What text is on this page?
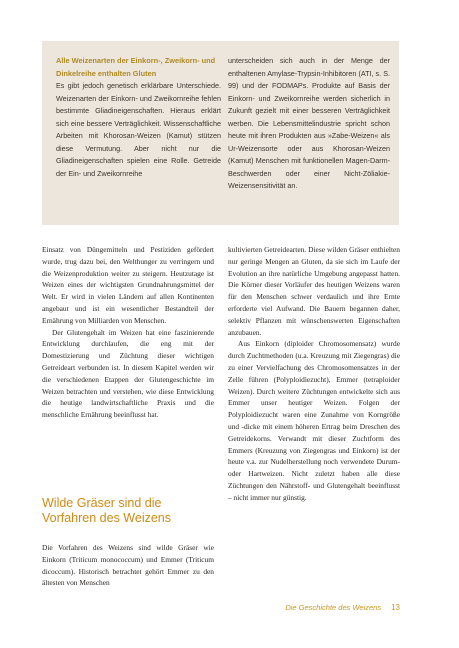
Alle Weizenarten der Einkorn-, Zweikorn- und Dinkelreihe enthalten Gluten

Es gibt jedoch genetisch erklärbare Unterschiede. Weizenarten der Einkorn- und Zweikornreihe fehlen bestimmte Gliadineigenschaften. Hieraus erklärt sich eine bessere Verträglichkeit. Wissenschaftliche Arbeiten mit Khorosan-Weizen (Kamut) stützen diese Vermutung. Aber nicht nur die Gliadineigenschaften spielen eine Rolle. Getreide der Ein- und Zweikornreihe

unterscheiden sich auch in der Menge der enthaltenen Amylase-Trypsin-Inhibitoren (ATI, s. S. 99) und der FODMAPs. Produkte auf Basis der Einkorn- und Zweikornreihe werden sicherlich in Zukunft gezielt mit einer besseren Verträglichkeit werben. Die Lebensmittelindustrie spricht schon heute mit ihren Produkten aus »Zabe-Weizen« als Ur-Weizensorte oder aus Khorosan-Weizen (Kamut) Menschen mit funktionellen Magen-Darm-Beschwerden oder einer Nicht-Zöliakie-Weizensensitivität an.

Einsatz von Düngemitteln und Pestiziden gefördert wurde, trug dazu bei, den Welthunger zu verringern und die Weizenproduktion weiter zu steigern. Heutzutage ist Weizen eines der wichtigsten Grundnahrungsmittel der Welt. Er wird in vielen Ländern auf allen Kontinenten angebaut und ist ein wesentlicher Bestandteil der Ernährung von Milliarden von Menschen.

Der Glutengehalt im Weizen hat eine faszinierende Entwicklung durchlaufen, die eng mit der Domestizierung und Züchtung dieser wichtigen Getreideart verbunden ist. In diesem Kapitel werden wir die verschiedenen Etappen der Glutengeschichte im Weizen betrachten und verstehen, wie diese Entwicklung die heutige landwirtschaftliche Praxis und die menschliche Ernährung beeinflusst hat.

Wilde Gräser sind die Vorfahren des Weizens

Die Vorfahren des Weizens sind wilde Gräser wie Einkorn (Triticum monococcum) und Emmer (Triticum dicoccum). Historisch betrachtet gehört Emmer zu den ältesten von Menschen

kultivierten Getreidearten. Diese wilden Gräser enthielten nur geringe Mengen an Gluten, da sie sich im Laufe der Evolution an ihre natürliche Umgebung angepasst hatten. Die Körner dieser Vorläufer des heutigen Weizens waren für den Menschen schwer verdaulich und ihre Ernte erforderte viel Aufwand. Die Bauern begannen daher, selektiv Pflanzen mit wünschenswerten Eigenschaften anzubauen.

Aus Einkorn (diploider Chromosomensatz) wurde durch Zuchtmethoden (u.a. Kreuzung mit Ziegengras) die zu einer Vervielfachung des Chromosomensatzes in der Zelle führen (Polyploidiezucht), Emmer (tetraploider Weizen). Durch weitere Züchtungen entwickelte sich aus Emmer unser heutiger Weizen. Folgen der Polyploidiezucht waren eine Zunahme von Korngröße und -dicke mit einem höheren Ertrag beim Dreschen des Getreidekorns. Verwandt mit dieser Zuchtform des Emmers (Kreuzung von Ziegengras und Einkorn) ist der heute v.a. zur Nudelherstellung noch verwendete Durum- oder Hartweizen. Nicht zuletzt haben alle diese Züchtungen den Nährstoff- und Glutengehalt beeinflusst – nicht immer nur günstig.

Die Geschichte des Weizens 13
